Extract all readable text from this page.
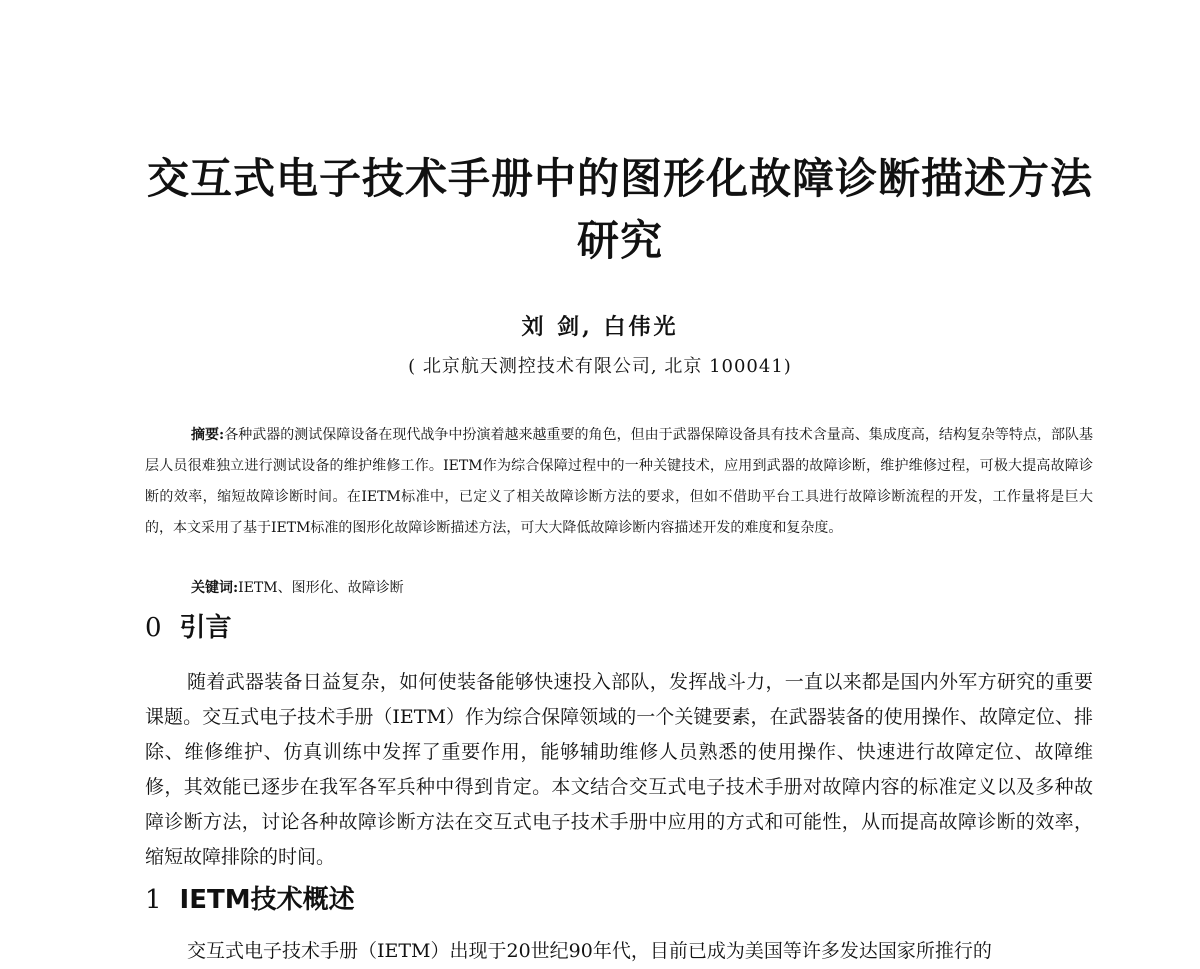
交互式电子技术手册中的图形化故障诊断描述方法研究
刘 剑, 白伟光
( 北京航天测控技术有限公司, 北京 100041)

摘要:各种武器的测试保障设备在现代战争中扮演着越来越重要的角色，但由于武器保障设备具有技术含量高、集成度高，结构复杂等特点，部队基层人员很难独立进行测试设备的维护维修工作。IETM作为综合保障过程中的一种关键技术，应用到武器的故障诊断，维护维修过程，可极大提高故障诊断的效率，缩短故障诊断时间。在IETM标准中，已定义了相关故障诊断方法的要求，但如不借助平台工具进行故障诊断流程的开发，工作量将是巨大的，本文采用了基于IETM标准的图形化故障诊断描述方法，可大大降低故障诊断内容描述开发的难度和复杂度。

关键词:IETM、图形化、故障诊断

0 引言

随着武器装备日益复杂，如何使装备能够快速投入部队，发挥战斗力，一直以来都是国内外军方研究的重要课题。交互式电子技术手册（IETM）作为综合保障领域的一个关键要素，在武器装备的使用操作、故障定位、排除、维修维护、仿真训练中发挥了重要作用，能够辅助维修人员熟悉的使用操作、快速进行故障定位、故障维修，其效能已逐步在我军各军兵种中得到肯定。本文结合交互式电子技术手册对故障内容的标准定义以及多种故障诊断方法，讨论各种故障诊断方法在交互式电子技术手册中应用的方式和可能性，从而提高故障诊断的效率，缩短故障排除的时间。

1 IETM技术概述

交互式电子技术手册（IETM）出现于20世纪90年代，目前已成为美国等许多发达国家所推行的
